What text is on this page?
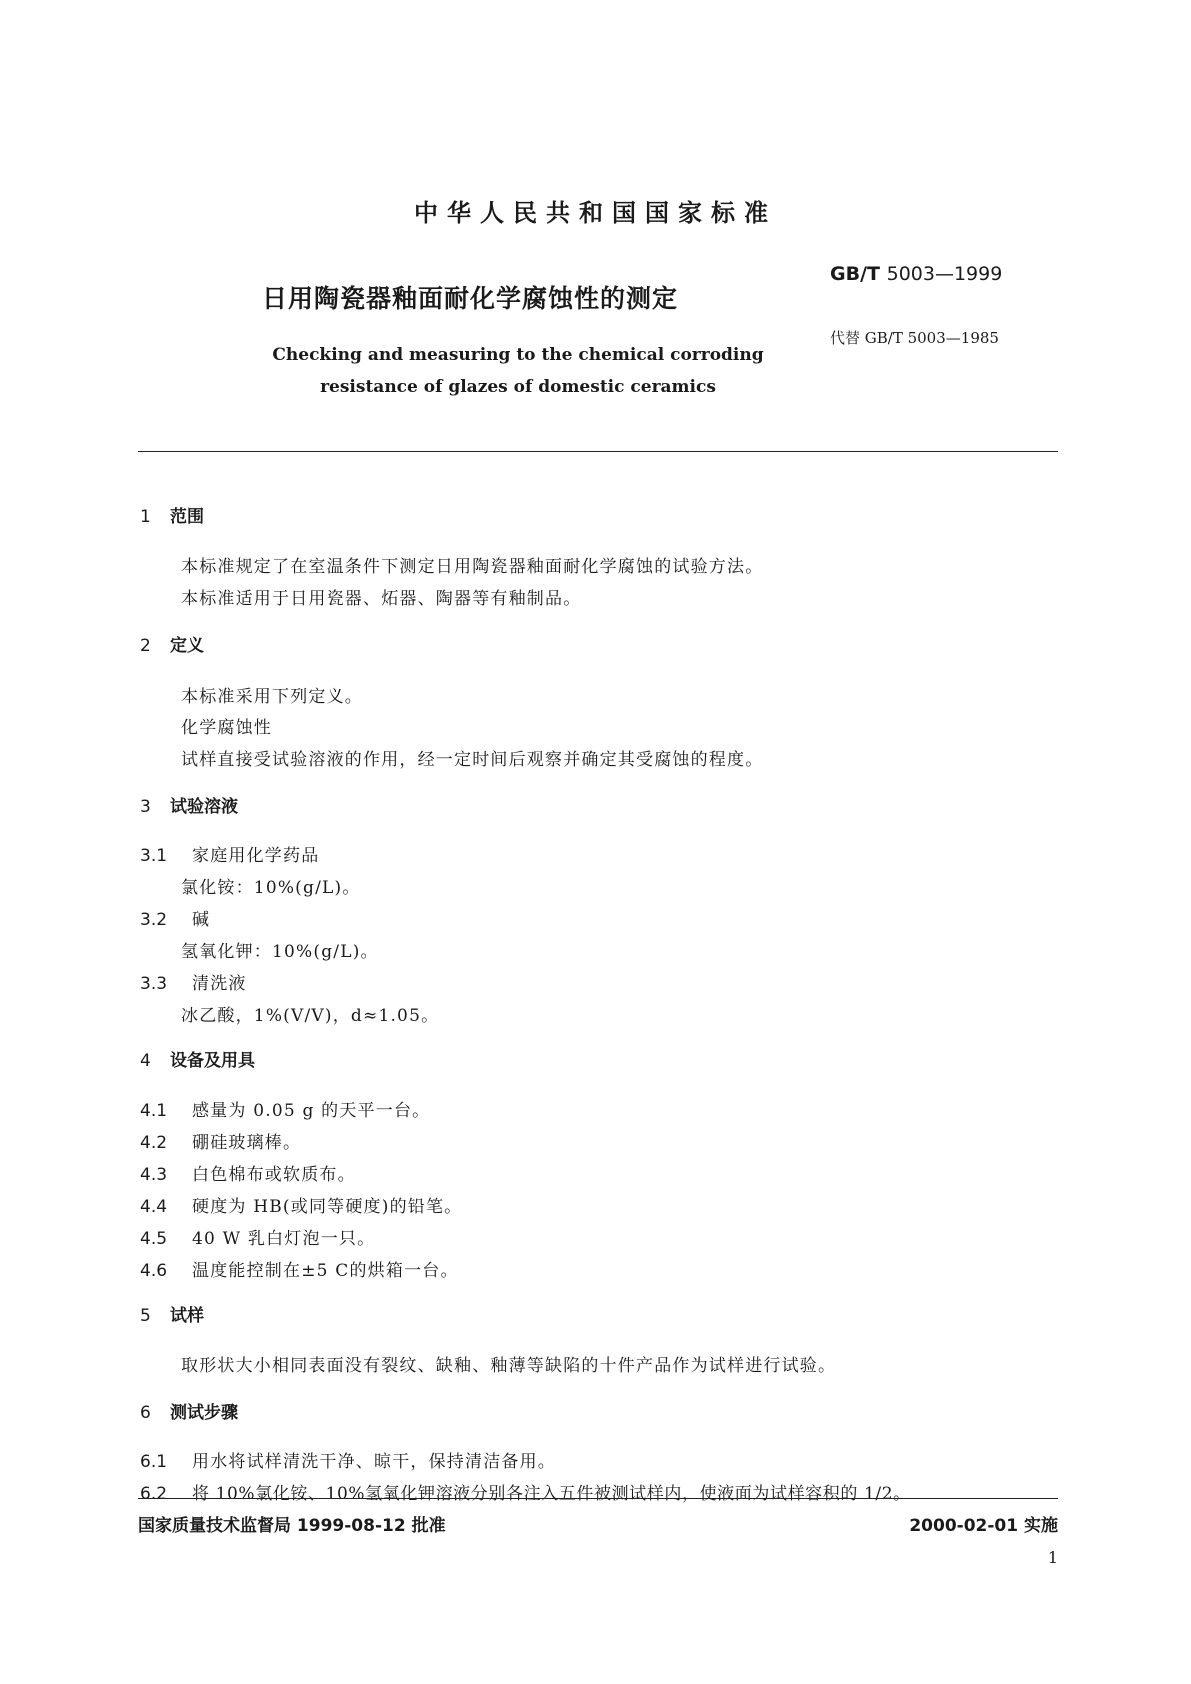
中华人民共和国国家标准
日用陶瓷器釉面耐化学腐蚀性的测定
GB/T 5003—1999
代替 GB/T 5003—1985
Checking and measuring to the chemical corroding
resistance of glazes of domestic ceramics
1 范围
本标准规定了在室温条件下测定日用陶瓷器釉面耐化学腐蚀的试验方法。
本标准适用于日用瓷器、炻器、陶器等有釉制品。
2 定义
本标准采用下列定义。
化学腐蚀性
试样直接受试验溶液的作用，经一定时间后观察并确定其受腐蚀的程度。
3 试验溶液
3.1 家庭用化学药品
氯化铵：10%(g/L)。
3.2 碱
氢氧化钾：10%(g/L)。
3.3 清洗液
冰乙酸，1%(V/V)，d≈1.05。
4 设备及用具
4.1 感量为 0.05 g 的天平一台。
4.2 硼硅玻璃棒。
4.3 白色棉布或软质布。
4.4 硬度为 HB(或同等硬度)的铅笔。
4.5 40 W 乳白灯泡一只。
4.6 温度能控制在±5 C的烘箱一台。
5 试样
取形状大小相同表面没有裂纹、缺釉、釉薄等缺陷的十件产品作为试样进行试验。
6 测试步骤
6.1 用水将试样清洗干净、晾干，保持清洁备用。
6.2 将 10%氯化铵、10%氢氧化钾溶液分别各注入五件被测试样内，使液面为试样容积的 1/2。
国家质量技术监督局 1999-08-12 批准	2000-02-01 实施
1
